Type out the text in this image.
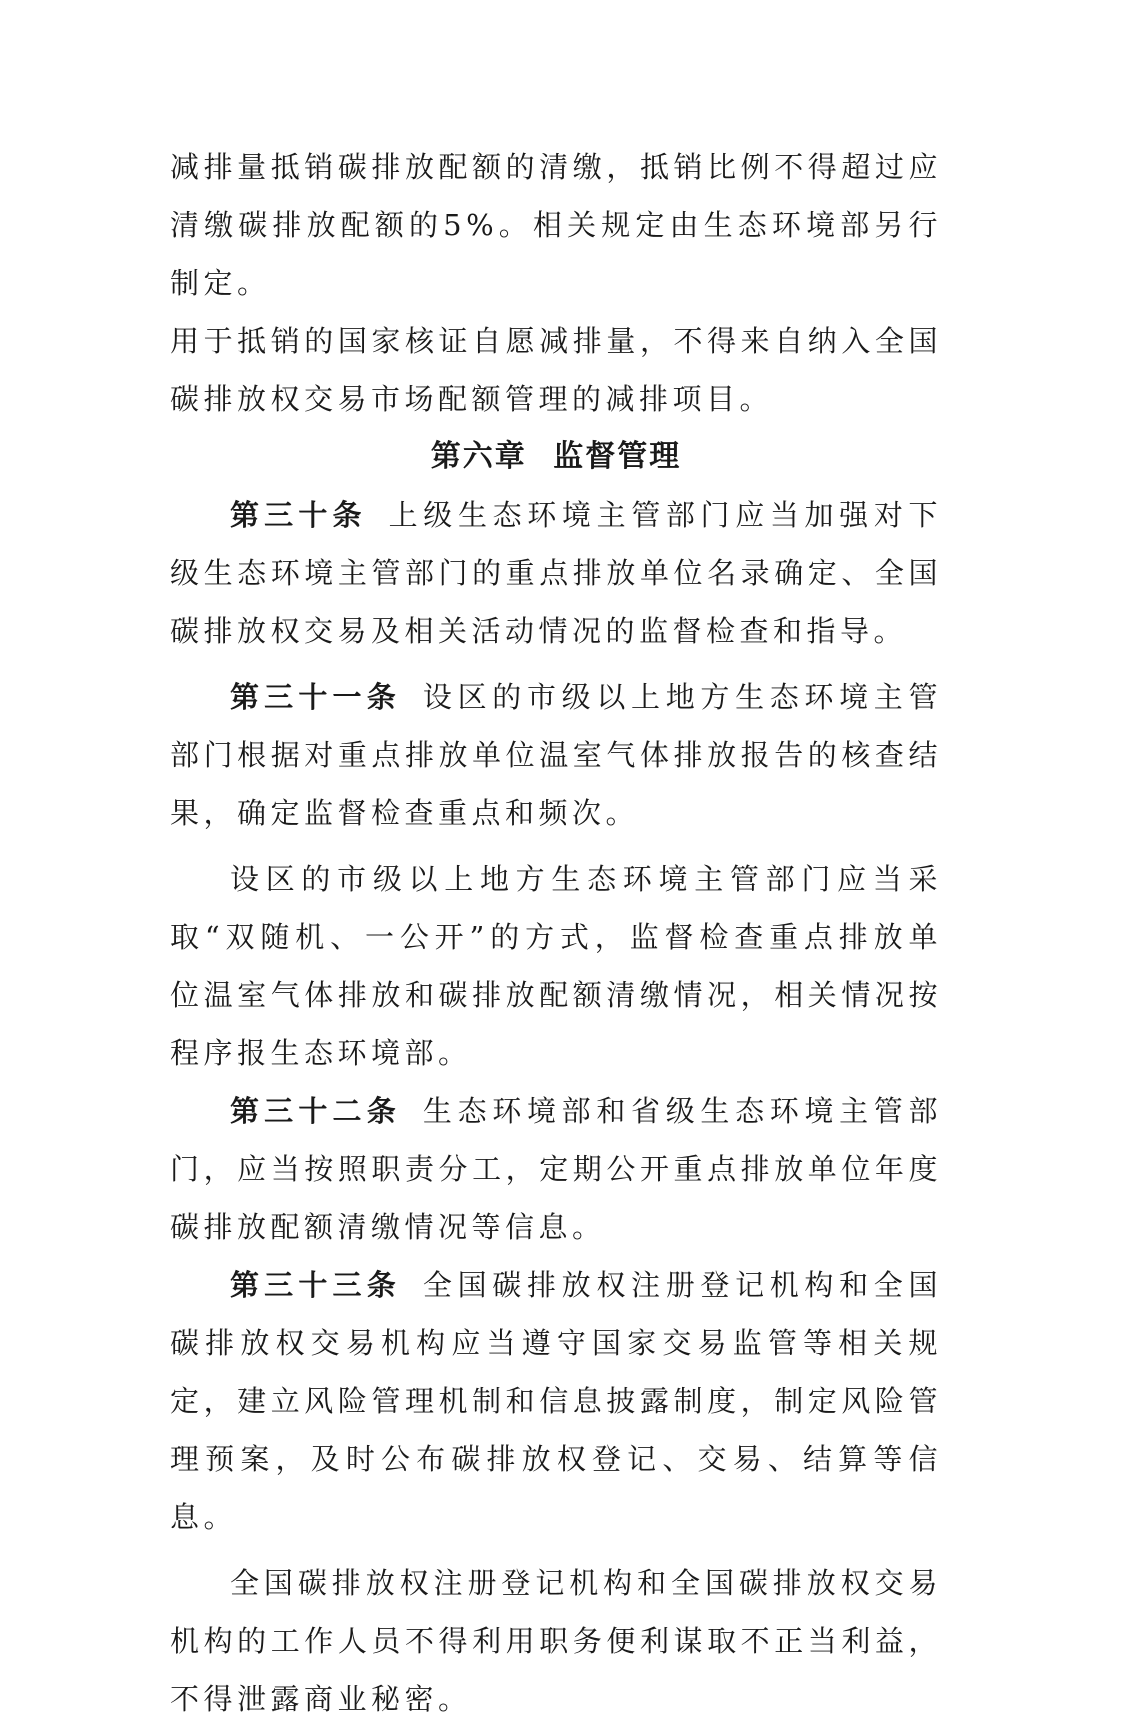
减排量抵销碳排放配额的清缴，抵销比例不得超过应清缴碳排放配额的5%。相关规定由生态环境部另行制定。

用于抵销的国家核证自愿减排量，不得来自纳入全国碳排放权交易市场配额管理的减排项目。

第六章 监督管理

第三十条 上级生态环境主管部门应当加强对下级生态环境主管部门的重点排放单位名录确定、全国碳排放权交易及相关活动情况的监督检查和指导。

第三十一条 设区的市级以上地方生态环境主管部门根据对重点排放单位温室气体排放报告的核查结果，确定监督检查重点和频次。

设区的市级以上地方生态环境主管部门应当采取“双随机、一公开”的方式，监督检查重点排放单位温室气体排放和碳排放配额清缴情况，相关情况按程序报生态环境部。

第三十二条 生态环境部和省级生态环境主管部门，应当按照职责分工，定期公开重点排放单位年度碳排放配额清缴情况等信息。

第三十三条 全国碳排放权注册登记机构和全国碳排放权交易机构应当遵守国家交易监管等相关规定，建立风险管理机制和信息披露制度，制定风险管理预案，及时公布碳排放权登记、交易、结算等信息。

全国碳排放权注册登记机构和全国碳排放权交易机构的工作人员不得利用职务便利谋取不正当利益，不得泄露商业秘密。
